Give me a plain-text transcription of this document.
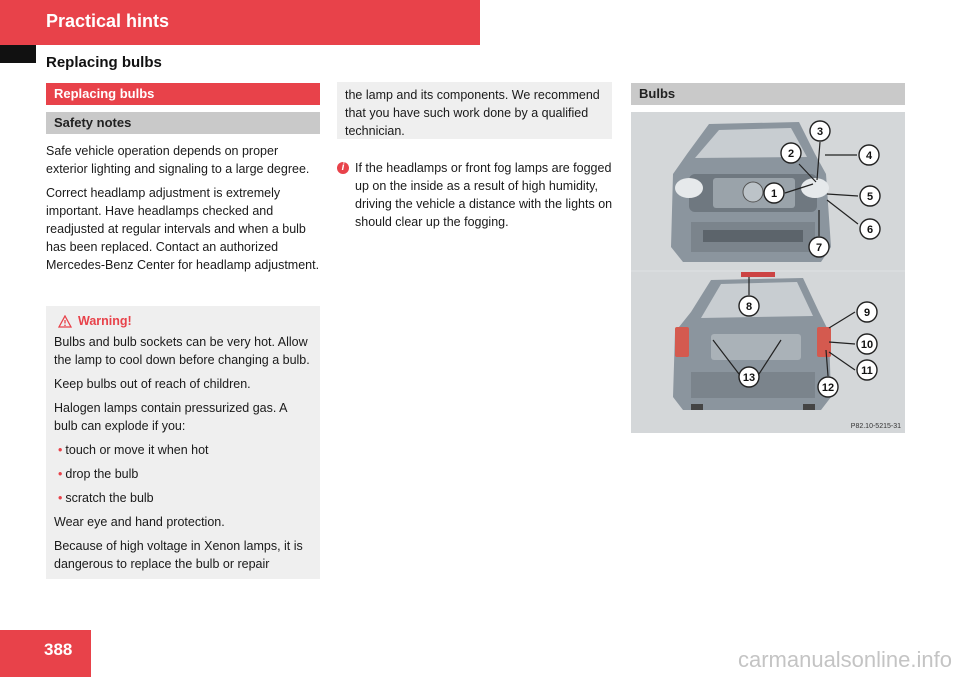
Practical hints
Replacing bulbs
Replacing bulbs
Safety notes

Safe vehicle operation depends on proper exterior lighting and signaling to a large degree.

Correct headlamp adjustment is extremely important. Have headlamps checked and readjusted at regular intervals and when a bulb has been replaced. Contact an authorized Mercedes-Benz Center for headlamp adjustment.

Warning!

Bulbs and bulb sockets can be very hot. Allow the lamp to cool down before changing a bulb.

Keep bulbs out of reach of children.

Halogen lamps contain pressurized gas. A bulb can explode if you:

• touch or move it when hot
• drop the bulb
• scratch the bulb

Wear eye and hand protection.

Because of high voltage in Xenon lamps, it is dangerous to replace the bulb or repair

the lamp and its components. We recommend that you have such work done by a qualified technician.

i If the headlamps or front fog lamps are fogged up on the inside as a result of high humidity, driving the vehicle a distance with the lights on should clear up the fogging.
Bulbs
1
2
3
4
5
6
7
8	9
10
11
12
13
P82.10-5215-31
388	carmanualsonline.info
